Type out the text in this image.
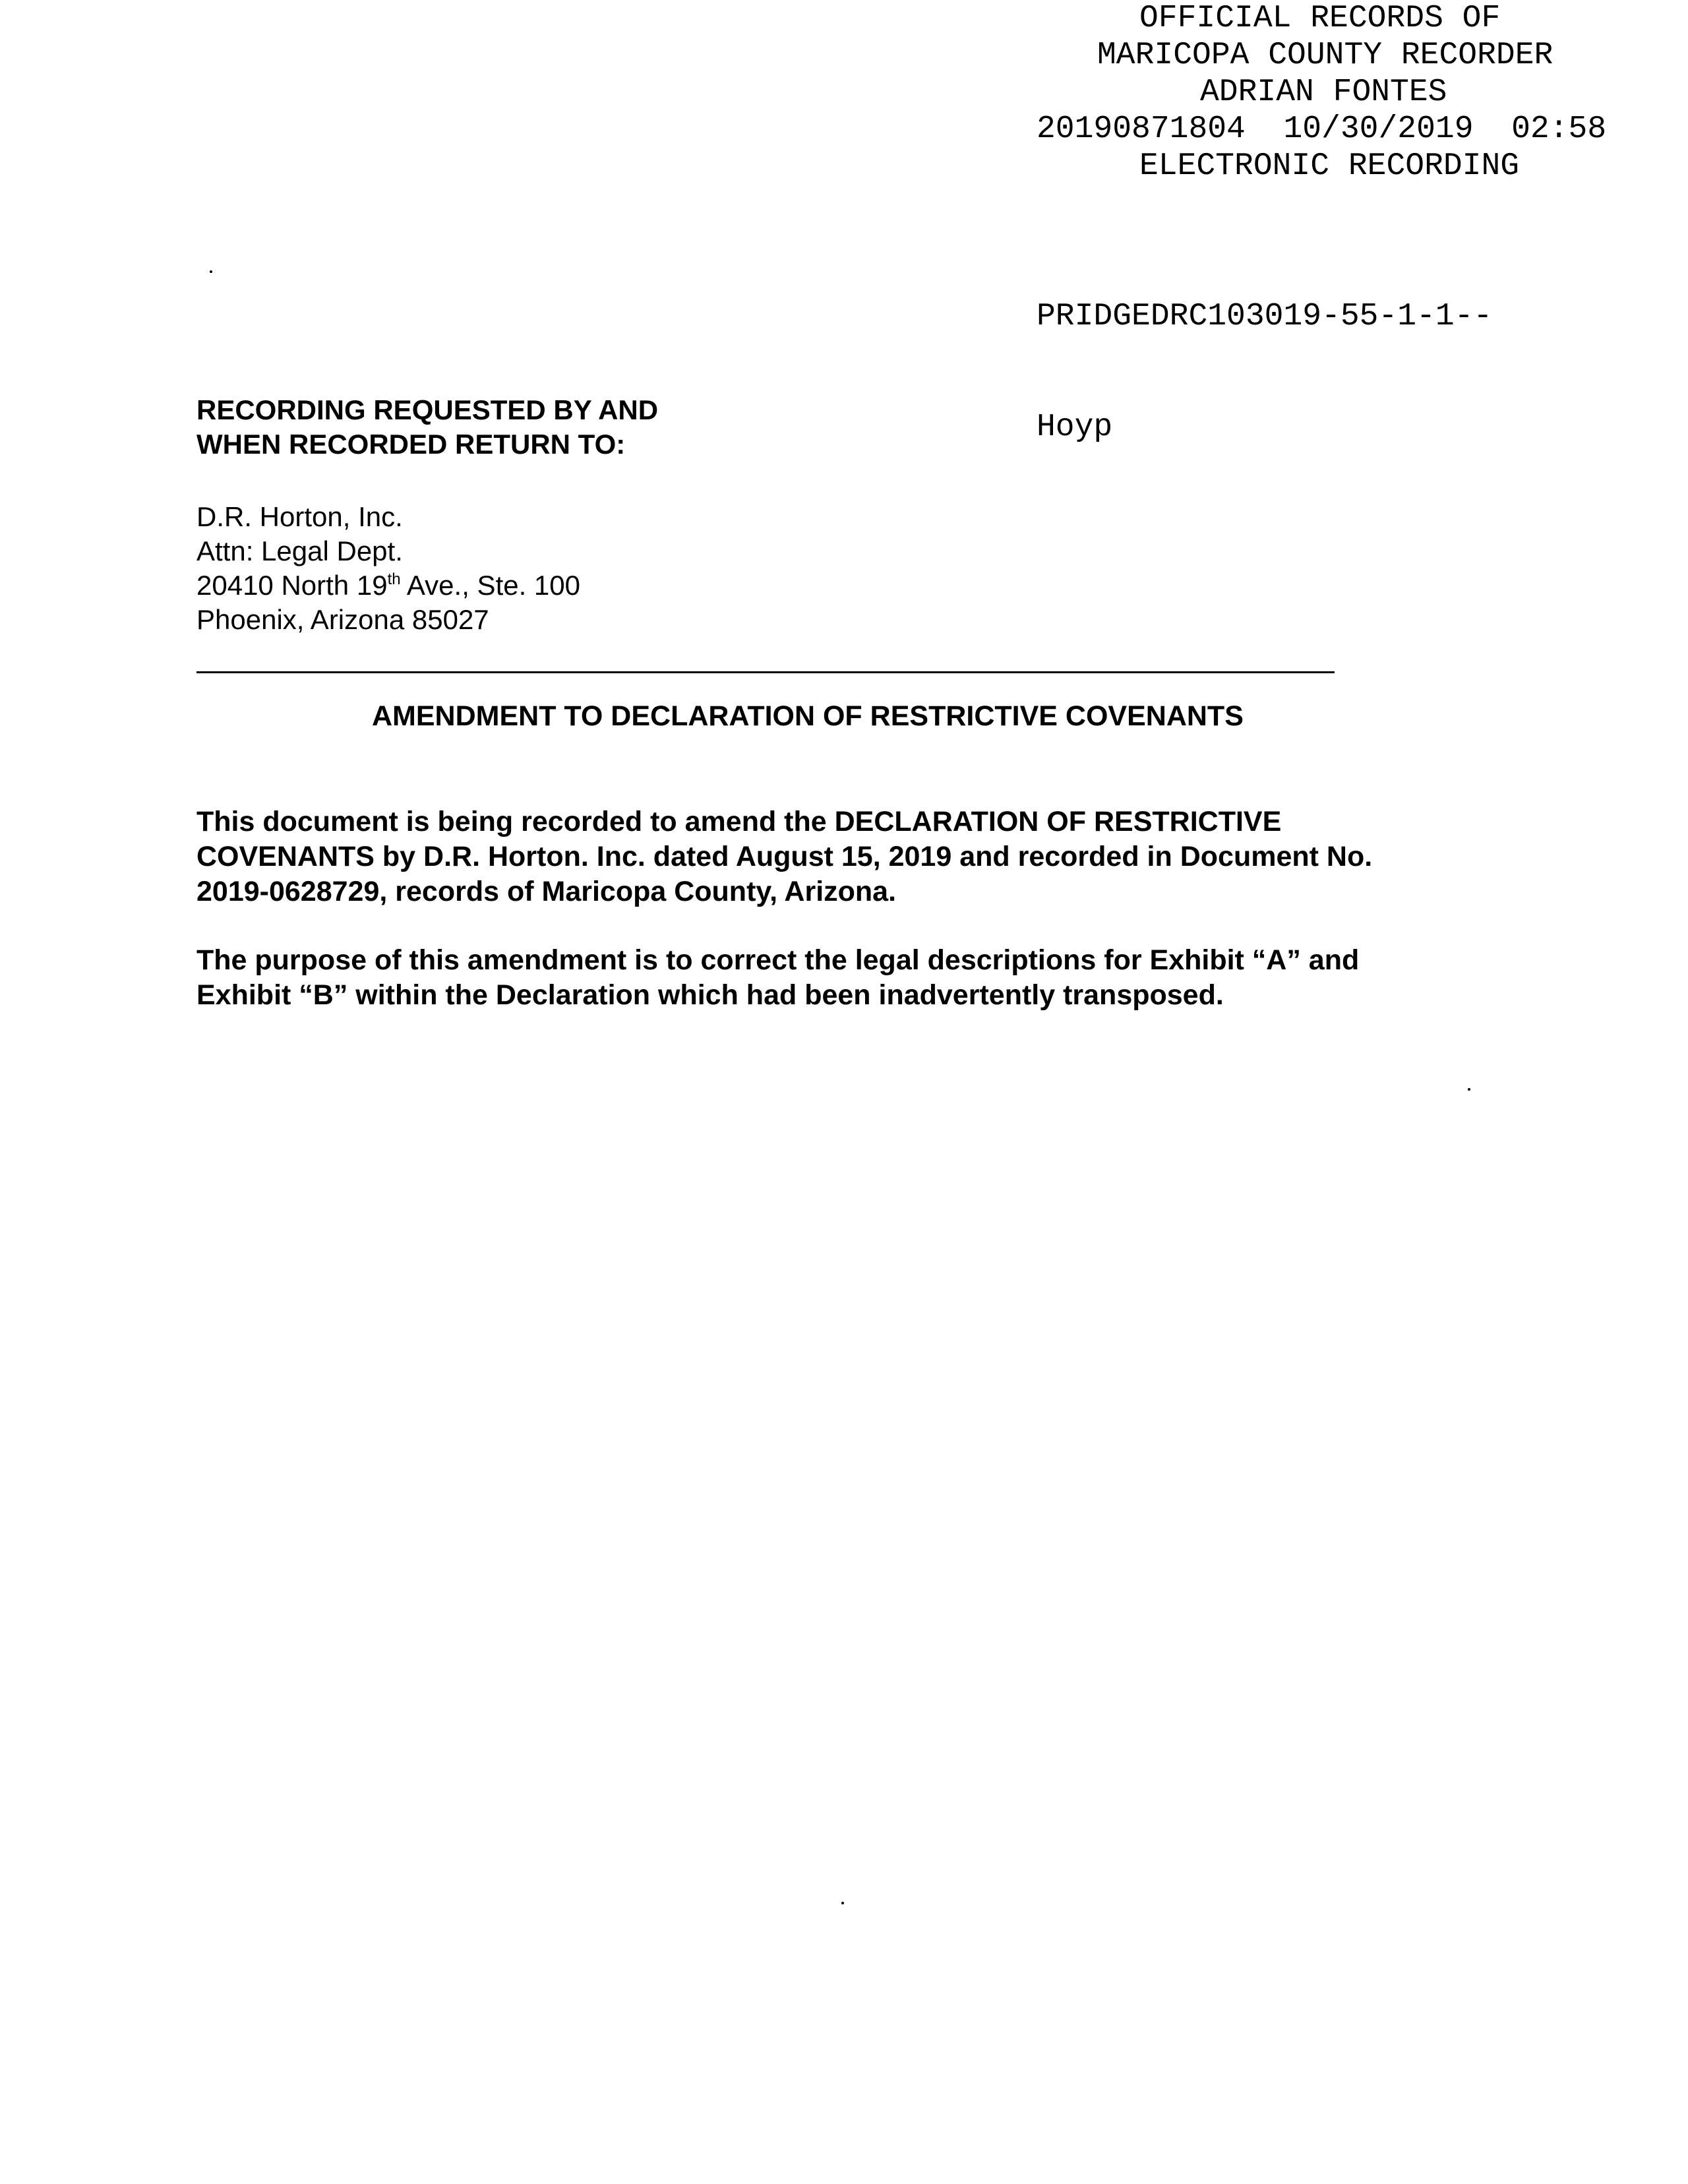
OFFICIAL RECORDS OF
MARICOPA COUNTY RECORDER
ADRIAN FONTES
20190871804  10/30/2019  02:58
ELECTRONIC RECORDING

PRIDGEDRC103019-55-1-1--

Hoyp

RECORDING REQUESTED BY AND
WHEN RECORDED RETURN TO:
D.R. Horton, Inc.
Attn: Legal Dept.
20410 North 19th Ave., Ste. 100
Phoenix, Arizona 85027
AMENDMENT TO DECLARATION OF RESTRICTIVE COVENANTS
This document is being recorded to amend the DECLARATION OF RESTRICTIVE
COVENANTS by D.R. Horton. Inc. dated August 15, 2019 and recorded in Document No.
2019-0628729, records of Maricopa County, Arizona.
The purpose of this amendment is to correct the legal descriptions for Exhibit “A” and
Exhibit “B” within the Declaration which had been inadvertently transposed.
